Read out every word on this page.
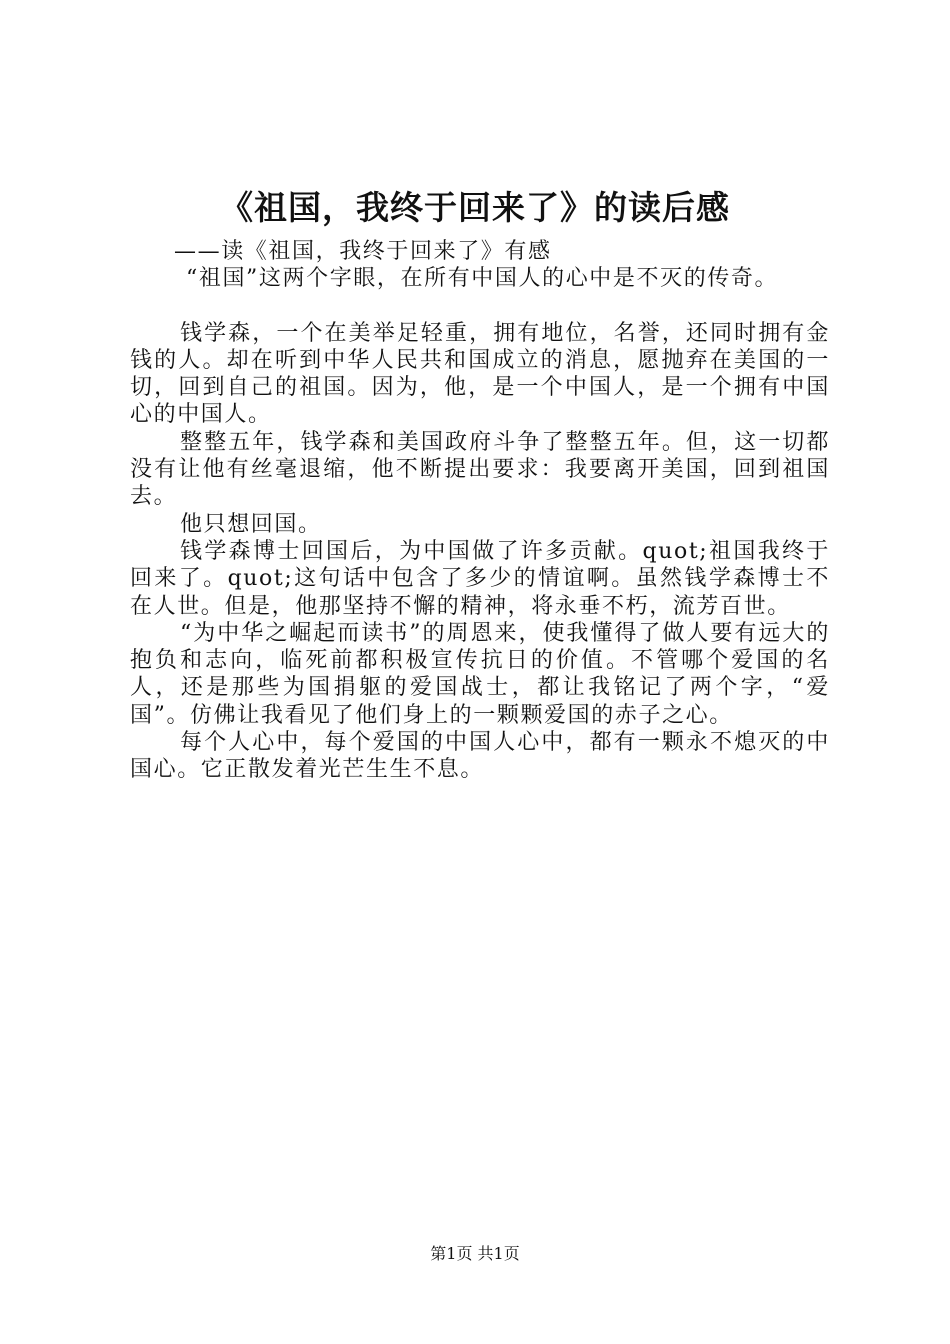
《祖国，我终于回来了》的读后感

——读《祖国，我终于回来了》有感

“祖国”这两个字眼，在所有中国人的心中是不灭的传奇。

钱学森，一个在美举足轻重，拥有地位，名誉，还同时拥有金钱的人。却在听到中华人民共和国成立的消息，愿抛弃在美国的一切，回到自己的祖国。因为，他，是一个中国人，是一个拥有中国心的中国人。

整整五年，钱学森和美国政府斗争了整整五年。但，这一切都没有让他有丝毫退缩，他不断提出要求：我要离开美国，回到祖国去。

他只想回国。

钱学森博士回国后，为中国做了许多贡献。quot;祖国我终于回来了。quot;这句话中包含了多少的情谊啊。虽然钱学森博士不在人世。但是，他那坚持不懈的精神，将永垂不朽，流芳百世。

“为中华之崛起而读书”的周恩来，使我懂得了做人要有远大的抱负和志向，临死前都积极宣传抗日的价值。不管哪个爱国的名人，还是那些为国捐躯的爱国战士，都让我铭记了两个字，“爱国”。仿佛让我看见了他们身上的一颗颗爱国的赤子之心。

每个人心中，每个爱国的中国人心中，都有一颗永不熄灭的中国心。它正散发着光芒生生不息。

第1页 共1页
